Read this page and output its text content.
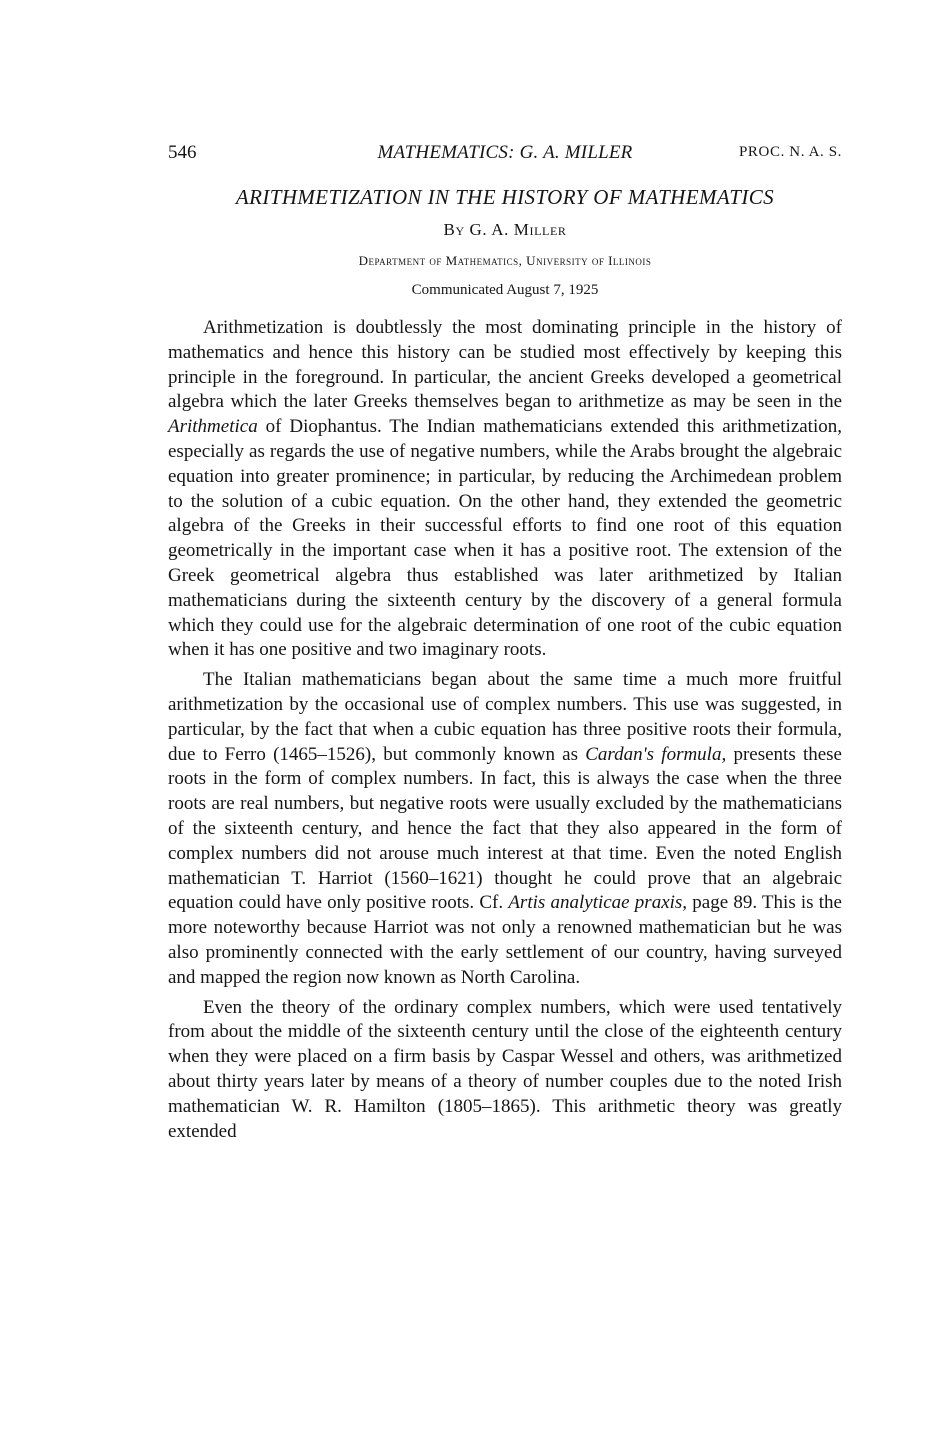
546	MATHEMATICS: G. A. MILLER	PROC. N. A. S.
ARITHMETIZATION IN THE HISTORY OF MATHEMATICS
By G. A. Miller
Department of Mathematics, University of Illinois
Communicated August 7, 1925

Arithmetization is doubtlessly the most dominating principle in the history of mathematics and hence this history can be studied most effectively by keeping this principle in the foreground. In particular, the ancient Greeks developed a geometrical algebra which the later Greeks themselves began to arithmetize as may be seen in the Arithmetica of Diophantus. The Indian mathematicians extended this arithmetization, especially as regards the use of negative numbers, while the Arabs brought the algebraic equation into greater prominence; in particular, by reducing the Archimedean problem to the solution of a cubic equation. On the other hand, they extended the geometric algebra of the Greeks in their successful efforts to find one root of this equation geometrically in the important case when it has a positive root. The extension of the Greek geometrical algebra thus established was later arithmetized by Italian mathematicians during the sixteenth century by the discovery of a general formula which they could use for the algebraic determination of one root of the cubic equation when it has one positive and two imaginary roots.

The Italian mathematicians began about the same time a much more fruitful arithmetization by the occasional use of complex numbers. This use was suggested, in particular, by the fact that when a cubic equation has three positive roots their formula, due to Ferro (1465–1526), but commonly known as Cardan's formula, presents these roots in the form of complex numbers. In fact, this is always the case when the three roots are real numbers, but negative roots were usually excluded by the mathematicians of the sixteenth century, and hence the fact that they also appeared in the form of complex numbers did not arouse much interest at that time. Even the noted English mathematician T. Harriot (1560–1621) thought he could prove that an algebraic equation could have only positive roots. Cf. Artis analyticae praxis, page 89. This is the more noteworthy because Harriot was not only a renowned mathematician but he was also prominently connected with the early settlement of our country, having surveyed and mapped the region now known as North Carolina.

Even the theory of the ordinary complex numbers, which were used tentatively from about the middle of the sixteenth century until the close of the eighteenth century when they were placed on a firm basis by Caspar Wessel and others, was arithmetized about thirty years later by means of a theory of number couples due to the noted Irish mathematician W. R. Hamilton (1805–1865). This arithmetic theory was greatly extended
